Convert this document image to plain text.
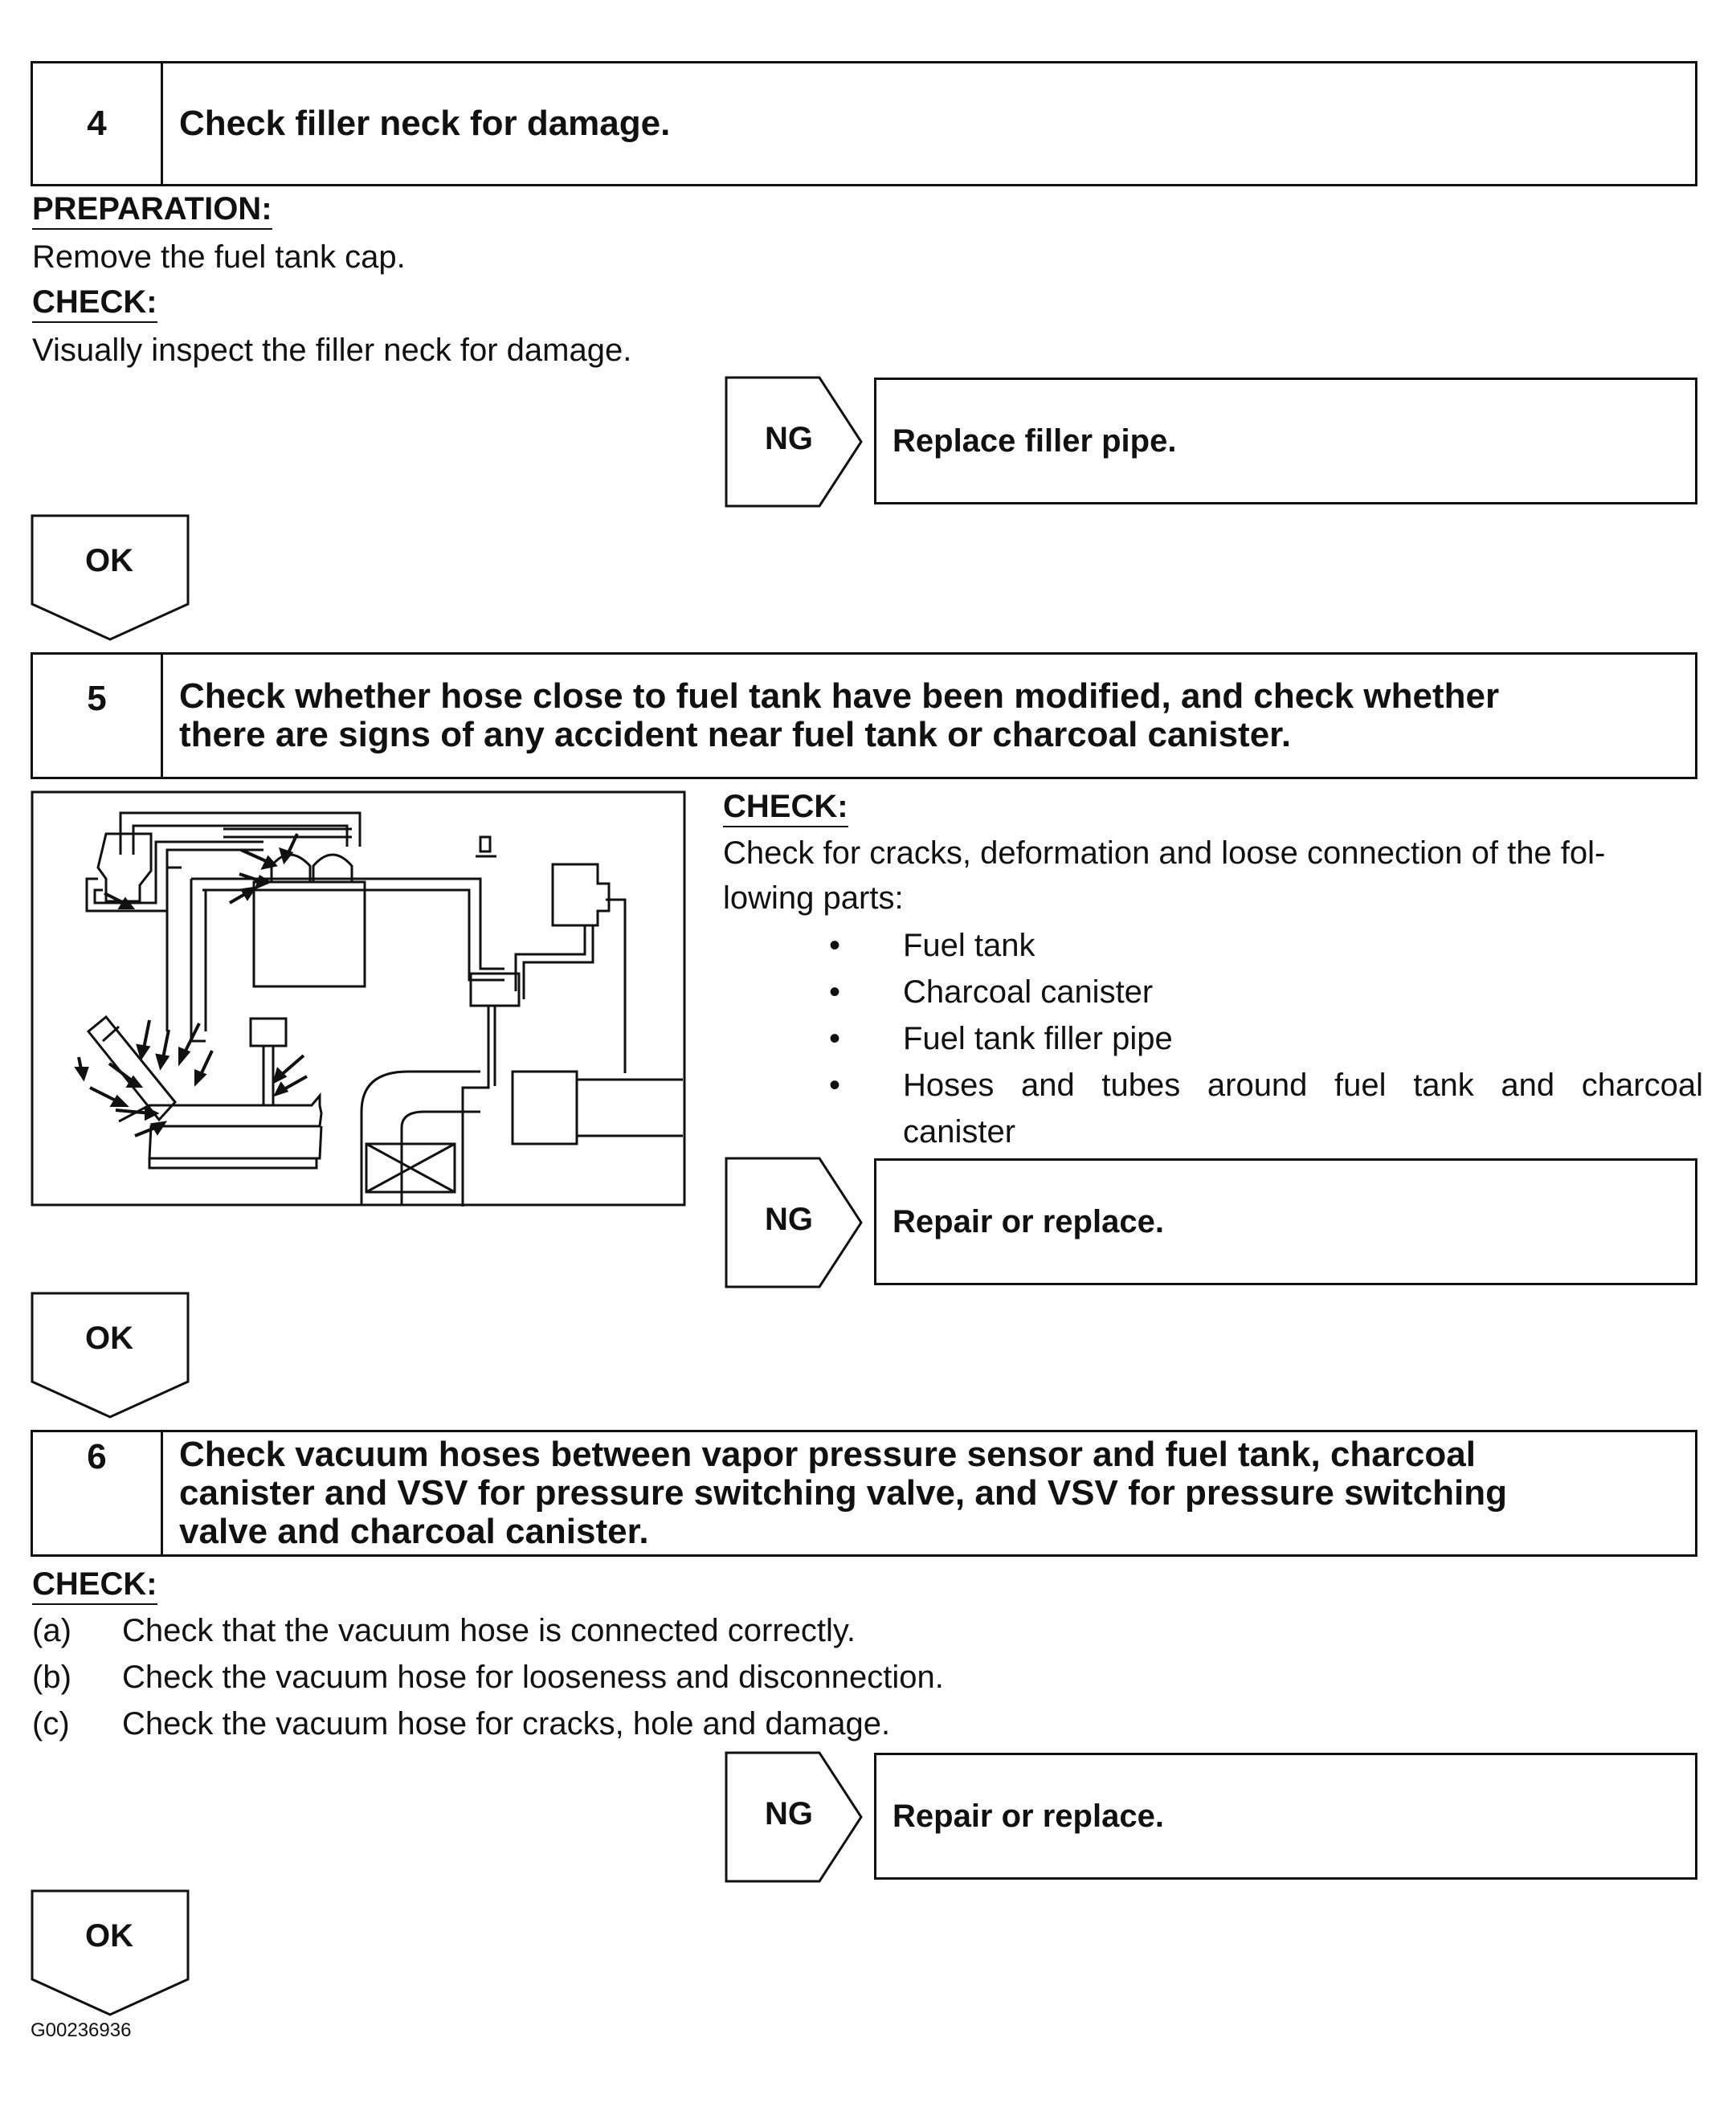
4	Check filler neck for damage.
PREPARATION:
Remove the fuel tank cap.
CHECK:
Visually inspect the filler neck for damage.
NG	Replace filler pipe.
OK
5	Check whether hose close to fuel tank have been modified, and check whether
there are signs of any accident near fuel tank or charcoal canister.
CHECK:
Check for cracks, deformation and loose connection of the fol-
lowing parts:
•	Fuel tank
•	Charcoal canister
•	Fuel tank filler pipe
•	Hoses and tubes around fuel tank and charcoal
canister
NG	Repair or replace.
OK
6	Check vacuum hoses between vapor pressure sensor and fuel tank, charcoal
canister and VSV for pressure switching valve, and VSV for pressure switching
valve and charcoal canister.
CHECK:
(a)	Check that the vacuum hose is connected correctly.
(b)	Check the vacuum hose for looseness and disconnection.
(c)	Check the vacuum hose for cracks, hole and damage.
NG	Repair or replace.
OK
G00236936
